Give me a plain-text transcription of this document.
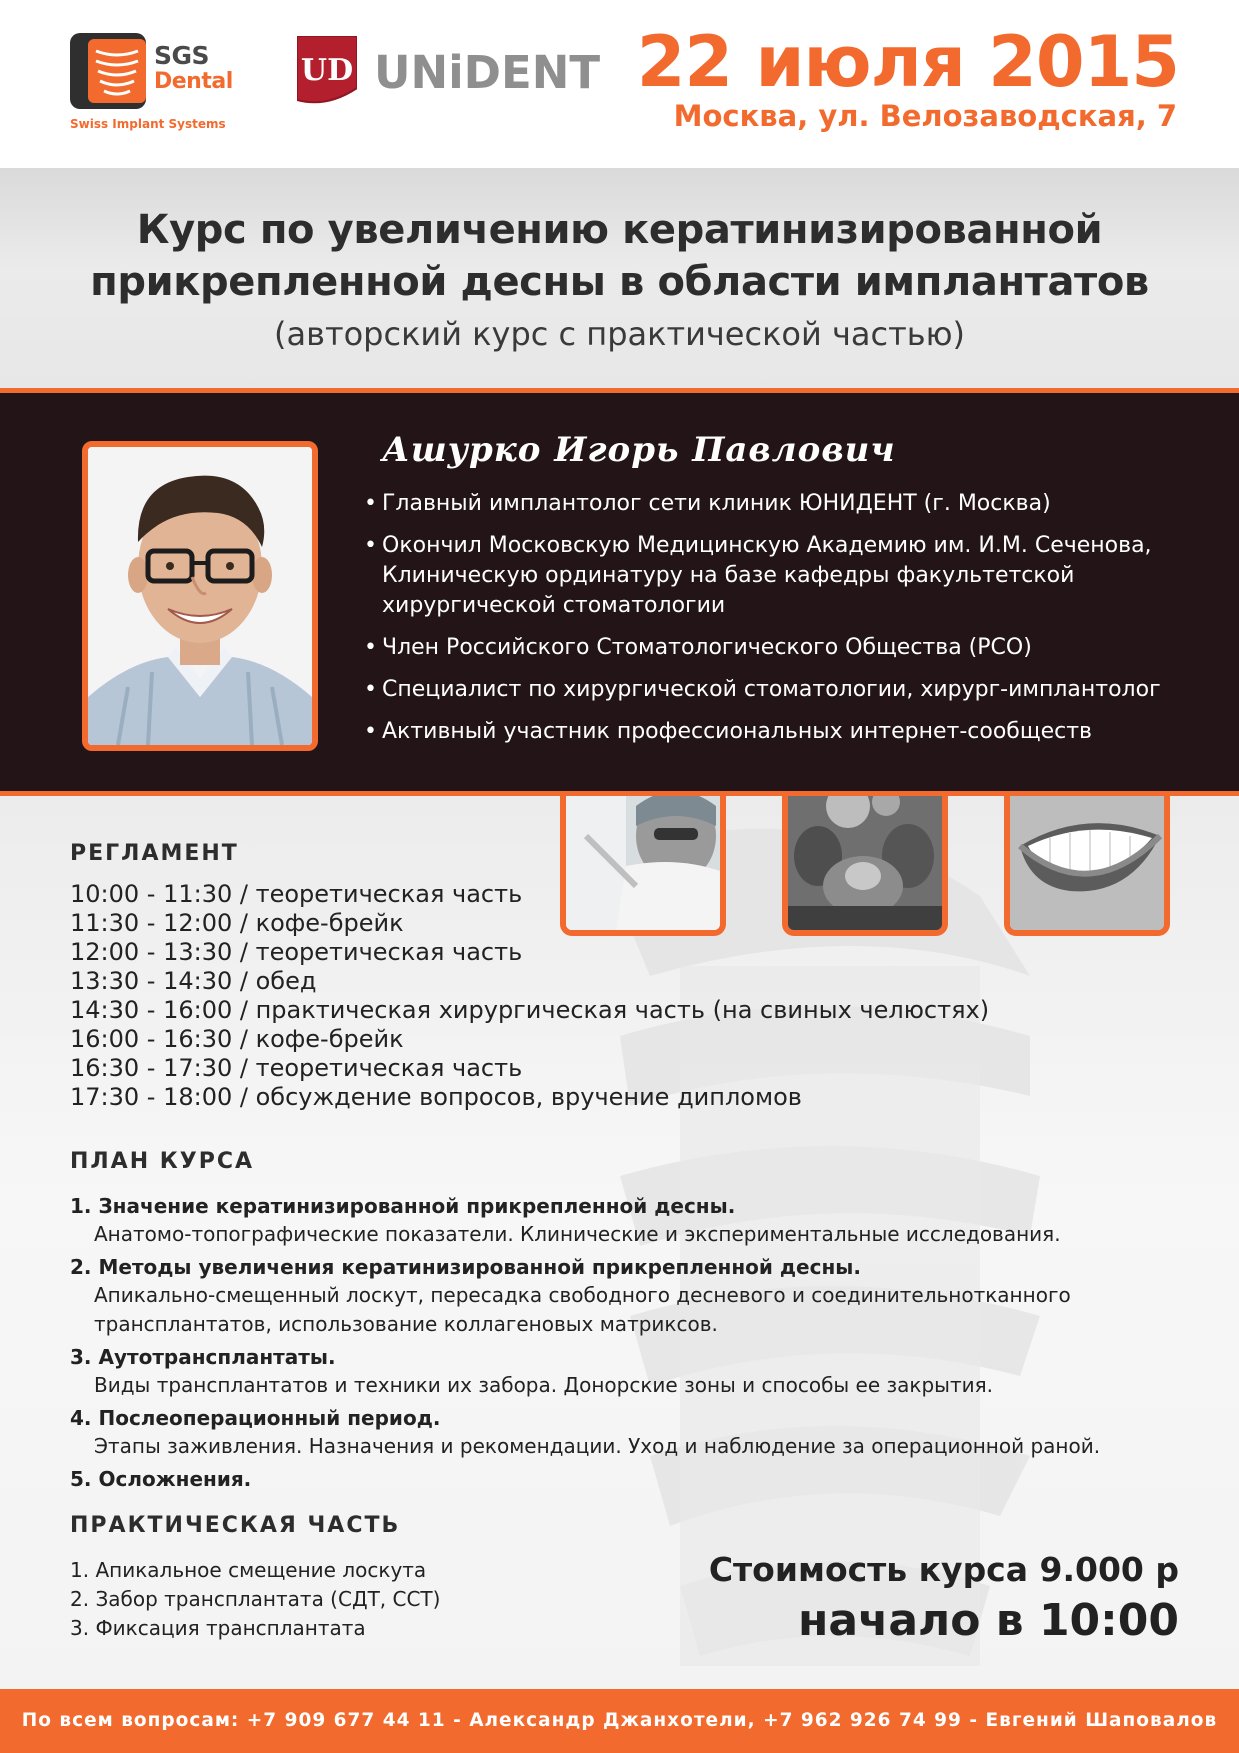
SGS
Dental
Swiss Implant Systems
UD UNiDENT 22 июля 2015
Москва, ул. Велозаводская, 7
Курс по увеличению кератинизированной
прикрепленной десны в области имплантатов
(авторский курс с практической частью)
Ашурко Игорь Павлович
• Главный имплантолог сети клиник ЮНИДЕНТ (г. Москва)
• Окончил Московскую Медицинскую Академию им. И.М. Сеченова, Клиническую ординатуру на базе кафедры факультетской хирургической стоматологии
• Член Российского Стоматологического Общества (РСО)
• Специалист по хирургической стоматологии, хирург-имплантолог
• Активный участник профессиональных интернет-сообществ
РЕГЛАМЕНТ
10:00 - 11:30 / теоретическая часть
11:30 - 12:00 / кофе-брейк
12:00 - 13:30 / теоретическая часть
13:30 - 14:30 / обед
14:30 - 16:00 / практическая хирургическая часть (на свиных челюстях)
16:00 - 16:30 / кофе-брейк
16:30 - 17:30 / теоретическая часть
17:30 - 18:00 / обсуждение вопросов, вручение дипломов
ПЛАН КУРСА
1. Значение кератинизированной прикрепленной десны.
Анатомо-топографические показатели. Клинические и экспериментальные исследования.
2. Методы увеличения кератинизированной прикрепленной десны.
Апикально-смещенный лоскут, пересадка свободного десневого и соединительнотканного трансплантатов, использование коллагеновых матриксов.
3. Аутотрансплантаты.
Виды трансплантатов и техники их забора. Донорские зоны и способы ее закрытия.
4. Послеоперационный период.
Этапы заживления. Назначения и рекомендации. Уход и наблюдение за операционной раной.
5. Осложнения.
ПРАКТИЧЕСКАЯ ЧАСТЬ
1. Апикальное смещение лоскута
2. Забор трансплантата (СДТ, ССТ)
3. Фиксация трансплантата
Стоимость курса 9.000 р
начало в 10:00
По всем вопросам: +7 909 677 44 11 - Александр Джанхотели, +7 962 926 74 99 - Евгений Шаповалов
